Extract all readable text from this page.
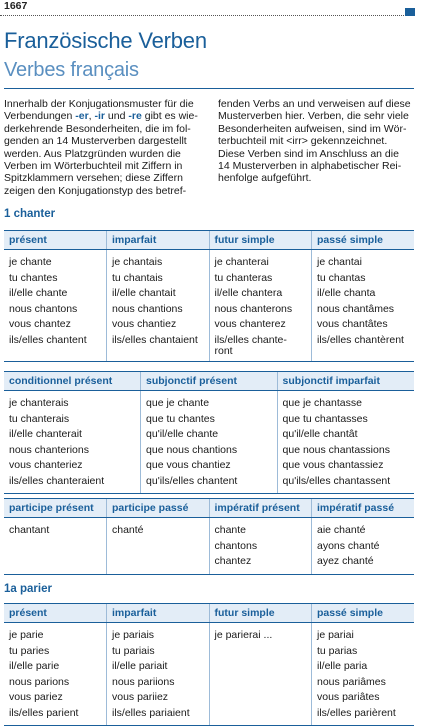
1667
Französische Verben
Verbes français
Innerhalb der Konjugationsmuster für die
Verbendungen -er, -ir und -re gibt es wie-
derkehrende Besonderheiten, die im fol-
genden an 14 Musterverben dargestellt
werden. Aus Platzgründen wurden die
Verben im Wörterbuchteil mit Ziffern in
Spitzklammern versehen; diese Ziffern
zeigen den Konjugationstyp des betref-
fenden Verbs an und verweisen auf diese
Musterverben hier. Verben, die sehr viele
Besonderheiten aufweisen, sind im Wör-
terbuchteil mit <irr> gekennzeichnet.
Diese Verben sind im Anschluss an die
14 Musterverben in alphabetischer Rei-
henfolge aufgeführt.
1 chanter
présent	imparfait	futur simple	passé simple

je chante	je chantais	je chanterai	je chantai

tu chantes	tu chantais	tu chanteras	tu chantas

il/elle chante	il/elle chantait	il/elle chantera	il/elle chanta

nous chantons	nous chantions	nous chanterons	nous chantâmes

vous chantez	vous chantiez	vous chanterez	vous chantâtes

ils/elles chantent	ils/elles chantaient	ils/elles chante-
ront	ils/elles chantèrent
conditionnel présent	subjonctif présent	subjonctif imparfait

je chanterais	que je chante	que je chantasse

tu chanterais	que tu chantes	que tu chantasses

il/elle chanterait	qu'il/elle chante	qu'il/elle chantât

nous chanterions	que nous chantions	que nous chantassions

vous chanteriez	que vous chantiez	que vous chantassiez

ils/elles chanteraient	qu'ils/elles chantent	qu'ils/elles chantassent
participe présent	participe passé	impératif présent	impératif passé

chantant	chanté	chante	aie chanté

		chantons	ayons chanté

		chantez	ayez chanté
1a parier
présent	imparfait	futur simple	passé simple

je parie	je pariais	je parierai ...	je pariai

tu paries	tu pariais		tu parias

il/elle parie	il/elle pariait		il/elle paria

nous parions	nous pariions		nous pariâmes

vous pariez	vous pariiez		vous pariâtes

ils/elles parient	ils/elles pariaient		ils/elles parièrent
